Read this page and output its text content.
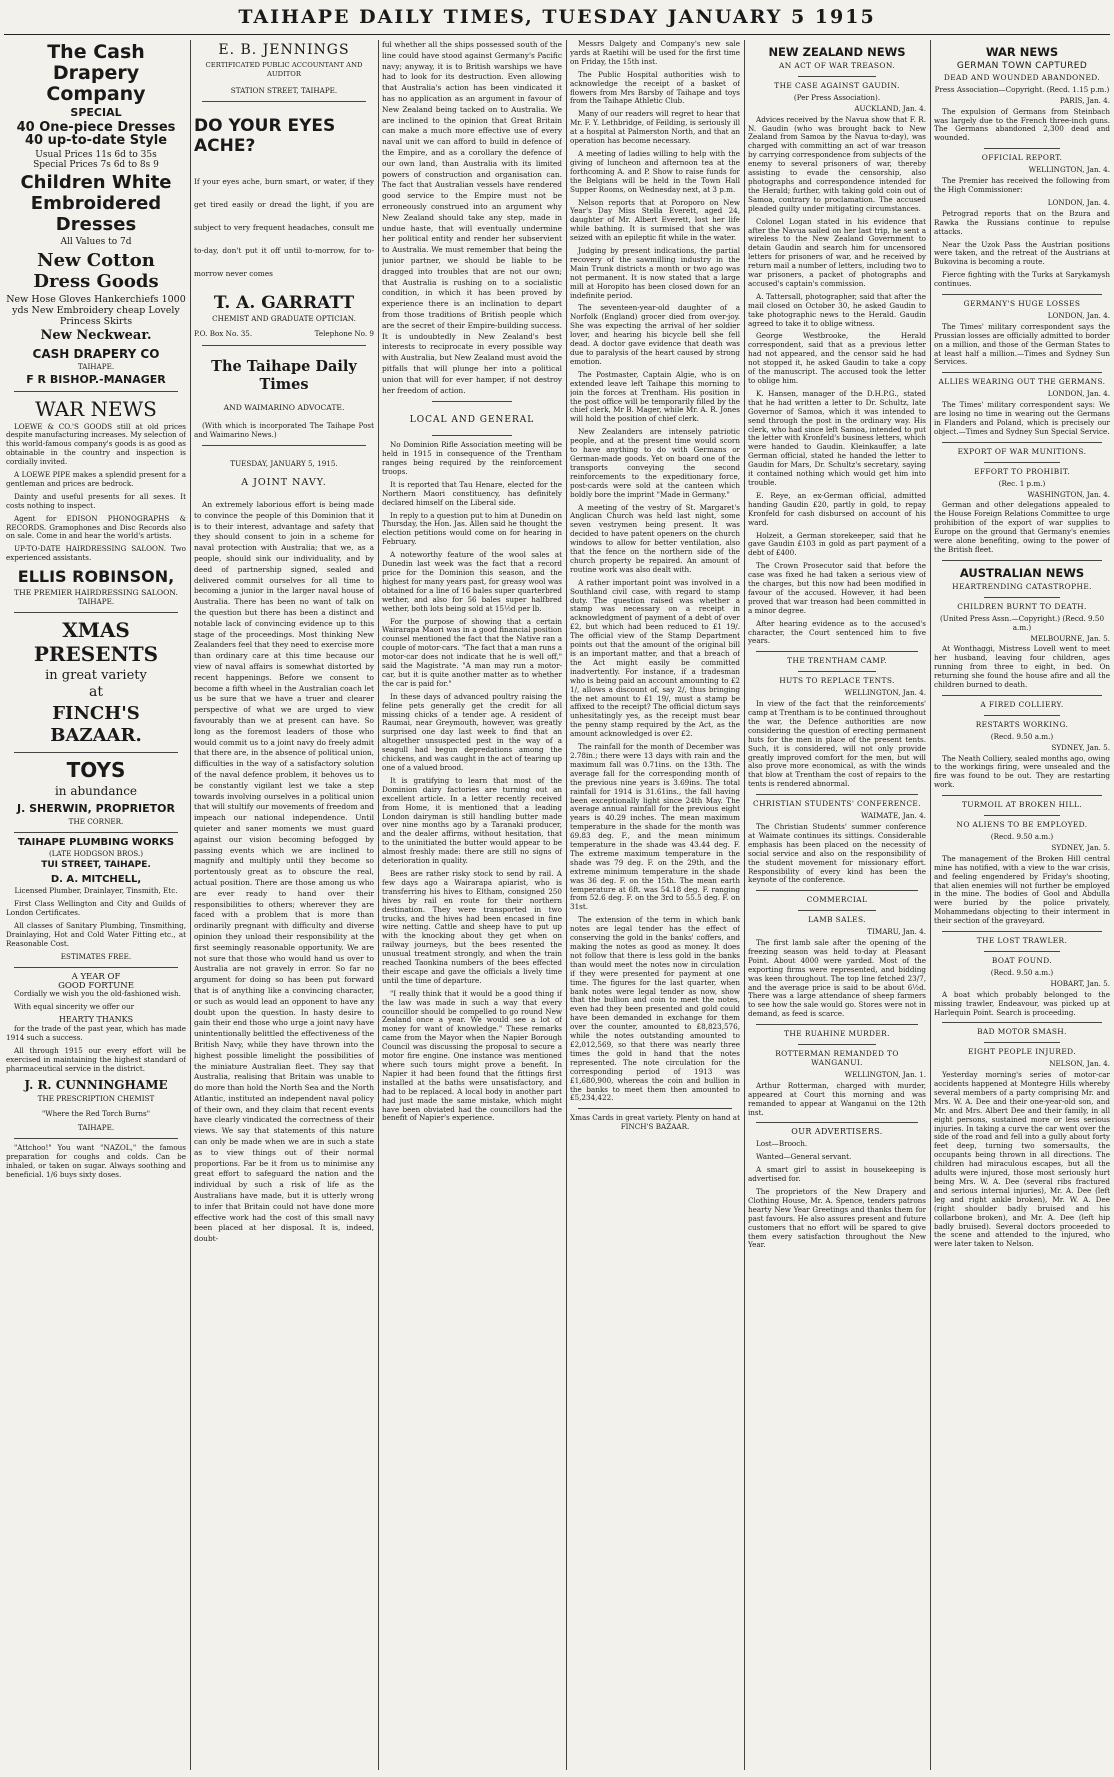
TAIHAPE DAILY TIMES, TUESDAY JANUARY 5 1915
The Cash Drapery Company
SPECIAL
40 One-piece Dresses 40 up-to-date Style
Usual Prices 11s 6d to 35s
Special Prices 7s 6d to 8s 9
Children White Embroidered Dresses
All Values to 7d
New Cotton Dress Goods
New Hose Gloves Hankerchiefs 1000 yds New Embroidery cheap Lovely Princess Skirts
New Neckwear.
CASH DRAPERY CO
TAIHAPE.
F R BISHOP.-MANAGER
WAR NEWS

LOEWE & CO.'S GOODS still at old prices despite manufacturing increases. My selection of this world-famous company's goods is as good as obtainable in the country and inspection is cordially invited.

A LOEWE PIPE makes a splendid present for a gentleman and prices are bedrock.

Dainty and useful presents for all sexes. It costs nothing to inspect.

Agent for EDISON PHONOGRAPHS & RECORDS. Gramophones and Disc Records also on sale. Come in and hear the world's artists.

UP-TO-DATE HAIRDRESSING SALOON. Two experienced assistants.

ELLIS ROBINSON,
THE PREMIER HAIRDRESSING SALOON.
TAIHAPE.
XMAS PRESENTS
in great variety
at
FINCH'S BAZAAR.
TOYS
in abundance
J. SHERWIN, PROPRIETOR
THE CORNER.
TAIHAPE PLUMBING WORKS
(LATE HODGSON BROS.)
TUI STREET, TAIHAPE.
D. A. MITCHELL,

Licensed Plumber, Drainlayer, Tinsmith, Etc.

First Class Wellington and City and Guilds of London Certificates.

All classes of Sanitary Plumbing, Tinsmithing, Drainlaying, Hot and Cold Water Fitting etc., at Reasonable Cost.

ESTIMATES FREE.
A YEAR OF
GOOD FORTUNE

Cordially we wish you the old-fashioned wish.

With equal sincerity we offer our

HEARTY THANKS

for the trade of the past year, which has made 1914 such a success.

All through 1915 our every effort will be exercised in maintaining the highest standard of pharmaceutical service in the district.

J. R. CUNNINGHAME
THE PRESCRIPTION CHEMIST
"Where the Red Torch Burns"
TAIHAPE.

"Attchoo!" You want "NAZOL," the famous preparation for coughs and colds. Can be inhaled, or taken on sugar. Always soothing and beneficial. 1/6 buys sixty doses.

E. B. JENNINGS
CERTIFICATED PUBLIC ACCOUNTANT AND AUDITOR
STATION STREET, TAIHAPE.
DO YOUR EYES ACHE?

If your eyes ache, burn smart, or water, if they get tired easily or dread the light, if you are subject to very frequent headaches, consult me to-day, don't put it off until to-morrow, for to-morrow never comes

T. A. GARRATT
CHEMIST AND GRADUATE OPTICIAN.
P.O. Box No. 35.	Telephone No. 9
The Taihape Daily Times
AND WAIMARINO ADVOCATE.

(With which is incorporated The Taihape Post and Waimarino News.)

TUESDAY, JANUARY 5, 1915.
A JOINT NAVY.

An extremely laborious effort is being made to convince the people of this Dominion that it is to their interest, advantage and safety that they should consent to join in a scheme for naval protection with Australia; that we, as a people, should sink our individuality, and by deed of partnership signed, sealed and delivered commit ourselves for all time to becoming a junior in the larger naval house of Australia. There has been no want of talk on the question but there has been a distinct and notable lack of convincing evidence up to this stage of the proceedings. Most thinking New Zealanders feel that they need to exercise more than ordinary care at this time because our view of naval affairs is somewhat distorted by recent happenings. Before we consent to become a fifth wheel in the Australian coach let us be sure that we have a truer and clearer perspective of what we are urged to view favourably than we at present can have. So long as the foremost leaders of those who would commit us to a joint navy do freely admit that there are, in the absence of political union, difficulties in the way of a satisfactory solution of the naval defence problem, it behoves us to be constantly vigilant lest we take a step towards involving ourselves in a political union that will stultify our movements of freedom and impeach our national independence. Until quieter and saner moments we must guard against our vision becoming befogged by passing events which we are inclined to magnify and multiply until they become so portentously great as to obscure the real, actual position. There are those among us who are ever ready to hand over their responsibilities to others; wherever they are faced with a problem that is more than ordinarily pregnant with difficulty and diverse opinion they unload their responsibility at the first seemingly reasonable opportunity. We are not sure that those who would hand us over to Australia are not gravely in error. So far no argument for doing so has been put forward that is of anything like a convincing character, or such as would lead an opponent to have any doubt upon the question. In hasty desire to gain their end those who urge a joint navy have unintentionally belittled the effectiveness of the British Navy, while they have thrown into the highest possible limelight the possibilities of the miniature Australian fleet. They say that Australia, realising that Britain was unable to do more than hold the North Sea and the North Atlantic, instituted an independent naval policy of their own, and they claim that recent events have clearly vindicated the correctness of their views. We say that statements of this nature can only be made when we are in such a state as to view things out of their normal proportions. Far be it from us to minimise any great effort to safeguard the nation and the individual by such a risk of life as the Australians have made, but it is utterly wrong to infer that Britain could not have done more effective work had the cost of this small navy been placed at her disposal. It is, indeed, doubt-

ful whether all the ships possessed south of the line could have stood against Germany's Pacific navy; anyway, it is to British warships we have had to look for its destruction. Even allowing that Australia's action has been vindicated it has no application as an argument in favour of New Zealand being tacked on to Australia. We are inclined to the opinion that Great Britain can make a much more effective use of every naval unit we can afford to build in defence of the Empire, and as a corollary the defence of our own land, than Australia with its limited powers of construction and organisation can. The fact that Australian vessels have rendered good service to the Empire must not be erroneously construed into an argument why New Zealand should take any step, made in undue haste, that will eventually undermine her political entity and render her subservient to Australia. We must remember that being the junior partner, we should be liable to be dragged into troubles that are not our own; that Australia is rushing on to a socialistic condition, in which it has been proved by experience there is an inclination to depart from those traditions of British people which are the secret of their Empire-building success. It is undoubtedly in New Zealand's best interests to reciprocate in every possible way with Australia, but New Zealand must avoid the pitfalls that will plunge her into a political union that will for ever hamper, if not destroy her freedom of action.

LOCAL AND GENERAL

No Dominion Rifle Association meeting will be held in 1915 in consequence of the Trentham ranges being required by the reinforcement troops.

It is reported that Tau Henare, elected for the Northern Maori constituency, has definitely declared himself on the Liberal side.

In reply to a question put to him at Dunedin on Thursday, the Hon. Jas. Allen said he thought the election petitions would come on for hearing in February.

A noteworthy feature of the wool sales at Dunedin last week was the fact that a record price for the Dominion this season, and the highest for many years past, for greasy wool was obtained for a line of 16 bales super quarterbred wether, and also for 56 bales super halfbred wether, both lots being sold at 15½d per lb.

For the purpose of showing that a certain Wairarapa Maori was in a good financial position counsel mentioned the fact that the Native ran a couple of motor-cars. "The fact that a man runs a motor-car does not indicate that he is well off," said the Magistrate. "A man may run a motor-car, but it is quite another matter as to whether the car is paid for."

In these days of advanced poultry raising the feline pets generally get the credit for all missing chicks of a tender age. A resident of Raumai, near Greymouth, however, was greatly surprised one day last week to find that an altogether unsuspected pest in the way of a seagull had begun depredations among the chickens, and was caught in the act of tearing up one of a valued brood.

It is gratifying to learn that most of the Dominion dairy factories are turning out an excellent article. In a letter recently received from Home, it is mentioned that a leading London dairyman is still handling butter made over nine months ago by a Taranaki producer, and the dealer affirms, without hesitation, that to the uninitiated the butter would appear to be almost freshly made: there are still no signs of deterioration in quality.

Bees are rather risky stock to send by rail. A few days ago a Wairarapa apiarist, who is transferring his hives to Eltham, consigned 250 hives by rail en route for their northern destination. They were transported in two trucks, and the hives had been encased in fine wire netting. Cattle and sheep have to put up with the knocking about they get when on railway journeys, but the bees resented the unusual treatment strongly, and when the train reached Taonkina numbers of the bees effected their escape and gave the officials a lively time until the time of departure.

"I really think that it would be a good thing if the law was made in such a way that every councillor should be compelled to go round New Zealand once a year. We would see a lot of money for want of knowledge." These remarks came from the Mayor when the Napier Borough Council was discussing the proposal to secure a motor fire engine. One instance was mentioned where such tours might prove a benefit. In Napier it had been found that the fittings first installed at the baths were unsatisfactory, and had to be replaced. A local body in another part had just made the same mistake, which might have been obviated had the councillors had the benefit of Napier's experience.

Messrs Dalgety and Company's new sale yards at Raetihi will be used for the first time on Friday, the 15th inst.

The Public Hospital authorities wish to acknowledge the receipt of a basket of flowers from Mrs Barsby of Taihape and toys from the Taihape Athletic Club.

Many of our readers will regret to hear that Mr. F. Y. Lethbridge, of Feilding, is seriously ill at a hospital at Palmerston North, and that an operation has become necessary.

A meeting of ladies willing to help with the giving of luncheon and afternoon tea at the forthcoming A. and P. Show to raise funds for the Belgians will be held in the Town Hall Supper Rooms, on Wednesday next, at 3 p.m.

Nelson reports that at Poroporo on New Year's Day Miss Stella Everett, aged 24, daughter of Mr. Albert Everett, lost her life while bathing. It is surmised that she was seized with an epileptic fit while in the water.

Judging by present indications, the partial recovery of the sawmilling industry in the Main Trunk districts a month or two ago was not permanent. It is now stated that a large mill at Horopito has been closed down for an indefinite period.

The seventeen-year-old daughter of a Norfolk (England) grocer died from over-joy. She was expecting the arrival of her soldier lover, and hearing his bicycle bell she fell dead. A doctor gave evidence that death was due to paralysis of the heart caused by strong emotion.

The Postmaster, Captain Algie, who is on extended leave left Taihape this morning to join the forces at Trentham. His position in the post office will be temporarily filled by the chief clerk, Mr B. Mager, while Mr. A. R. Jones will hold the position of chief clerk.

New Zealanders are intensely patriotic people, and at the present time would scorn to have anything to do with Germans or German-made goods. Yet on board one of the transports conveying the second reinforcements to the expeditionary force, post-cards were sold at the canteen which boldly bore the imprint "Made in Germany."

A meeting of the vestry of St. Margaret's Anglican Church was held last night, some seven vestrymen being present. It was decided to have patent openers on the church windows to allow for better ventilation, also that the fence on the northern side of the church property be repaired. An amount of routine work was also dealt with.

A rather important point was involved in a Southland civil case, with regard to stamp duty. The question raised was whether a stamp was necessary on a receipt in acknowledgment of payment of a debt of over £2, but which had been reduced to £1 19/. The official view of the Stamp Department points out that the amount of the original bill is an important matter, and that a breach of the Act might easily be committed inadvertently. For instance, if a tradesman who is being paid an account amounting to £2 1/, allows a discount of, say 2/, thus bringing the net amount to £1 19/, must a stamp be affixed to the receipt? The official dictum says unhesitatingly yes, as the receipt must bear the penny stamp required by the Act, as the amount acknowledged is over £2.

The rainfall for the month of December was 2.78in.; there were 13 days with rain and the maximum fall was 0.71ins. on the 13th. The average fall for the corresponding month of the previous nine years is 3.69ins. The total rainfall for 1914 is 31.61ins., the fall having been exceptionally light since 24th May. The average annual rainfall for the previous eight years is 40.29 inches. The mean maximum temperature in the shade for the month was 69.83 deg. F., and the mean minimum temperature in the shade was 43.44 deg. F. The extreme maximum temperature in the shade was 79 deg. F. on the 29th, and the extreme minimum temperature in the shade was 36 deg. F. on the 15th. The mean earth temperature at 6ft. was 54.18 deg. F. ranging from 52.6 deg. F. on the 3rd to 55.5 deg. F. on 31st.

The extension of the term in which bank notes are legal tender has the effect of conserving the gold in the banks' coffers, and making the notes as good as money. It does not follow that there is less gold in the banks than would meet the notes now in circulation if they were presented for payment at one time. The figures for the last quarter, when bank notes were legal tender as now, show that the bullion and coin to meet the notes, even had they been presented and gold could have been demanded in exchange for them over the counter, amounted to £8,823,576, while the notes outstanding amounted to £2,012,569, so that there was nearly three times the gold in hand that the notes represented. The note circulation for the corresponding period of 1913 was £1,680,900, whereas the coin and bullion in the banks to meet them then amounted to £5,234,422.

Xmas Cards in great variety. Plenty on hand at FINCH'S BAZAAR.

NEW ZEALAND NEWS
AN ACT OF WAR TREASON.
THE CASE AGAINST GAUDIN.
(Per Press Association).
AUCKLAND, Jan. 4.

Advices received by the Navua show that F. R. N. Gaudin (who was brought back to New Zealand from Samoa by the Navua to-day), was charged with committing an act of war treason by carrying correspondence from subjects of the enemy to several prisoners of war, thereby assisting to evade the censorship, also photographs and correspondence intended for the Herald; further, with taking gold coin out of Samoa, contrary to proclamation. The accused pleaded guilty under mitigating circumstances.

Colonel Logan stated in his evidence that after the Navua sailed on her last trip, he sent a wireless to the New Zealand Government to detain Gaudin and search him for uncensored letters for prisoners of war, and he received by return mail a number of letters, including two to war prisoners, a packet of photographs and accused's captain's commission.

A. Tattersall, photographer, said that after the mail closed on October 30, he asked Gaudin to take photographic news to the Herald. Gaudin agreed to take it to oblige witness.

George Westbrooke, the Herald correspondent, said that as a previous letter had not appeared, and the censor said he had not stopped it, he asked Gaudin to take a copy of the manuscript. The accused took the letter to oblige him.

K. Hansen, manager of the D.H.P.G., stated that he had written a letter to Dr. Schultz, late Governor of Samoa, which it was intended to send through the post in the ordinary way. His clerk, who had since left Samoa, intended to put the letter with Kronfeld's business letters, which were handed to Gaudin. Kleinkauffer, a late German official, stated he handed the letter to Gaudin for Mars, Dr. Schultz's secretary, saying it contained nothing which would get him into trouble.

E. Reye, an ex-German official, admitted handing Gaudin £20, partly in gold, to repay Kronfeld for cash disbursed on account of his ward.

Holzeit, a German storekeeper, said that he gave Gaudin £103 in gold as part payment of a debt of £400.

The Crown Prosecutor said that before the case was fixed he had taken a serious view of the charges, but this now had been modified in favour of the accused. However, it had been proved that war treason had been committed in a minor degree.

After hearing evidence as to the accused's character, the Court sentenced him to five years.

THE TRENTHAM CAMP.
HUTS TO REPLACE TENTS.
WELLINGTON, Jan. 4.

In view of the fact that the reinforcements' camp at Trentham is to be continued throughout the war, the Defence authorities are now considering the question of erecting permanent huts for the men in place of the present tents. Such, it is considered, will not only provide greatly improved comfort for the men, but will also prove more economical, as with the winds that blow at Trentham the cost of repairs to the tents is rendered abnormal.

CHRISTIAN STUDENTS' CONFERENCE.
WAIMATE, Jan. 4.

The Christian Students' summer conference at Waimate continues its sittings. Considerable emphasis has been placed on the necessity of social service and also on the responsibility of the student movement for missionary effort. Responsibility of every kind has been the keynote of the conference.

COMMERCIAL
LAMB SALES.
TIMARU, Jan. 4.

The first lamb sale after the opening of the freezing season was held to-day at Pleasant Point. About 4000 were yarded. Most of the exporting firms were represented, and bidding was keen throughout. The top line fetched 23/7, and the average price is said to be about 6½d. There was a large attendance of sheep farmers to see how the sale would go. Stores were not in demand, as feed is scarce.

THE RUAHINE MURDER.
ROTTERMAN REMANDED TO WANGANUI.
WELLINGTON, Jan. 1.

Arthur Rotterman, charged with murder, appeared at Court this morning and was remanded to appear at Wanganui on the 12th inst.

OUR ADVERTISERS.

Lost—Brooch.

Wanted—General servant.

A smart girl to assist in housekeeping is advertised for.

The proprietors of the New Drapery and Clothing House, Mr. A. Spence, tenders patrons hearty New Year Greetings and thanks them for past favours. He also assures present and future customers that no effort will be spared to give them every satisfaction throughout the New Year.

WAR NEWS
GERMAN TOWN CAPTURED
DEAD AND WOUNDED ABANDONED.
Press Association—Copyright. (Recd. 1.15 p.m.)
PARIS, Jan. 4.

The expulsion of Germans from Steinbach was largely due to the French three-inch guns. The Germans abandoned 2,300 dead and wounded.

OFFICIAL REPORT.
WELLINGTON, Jan. 4.

The Premier has received the following from the High Commissioner:

LONDON, Jan. 4.

Petrograd reports that on the Bzura and Rawka the Russians continue to repulse attacks.

Near the Uzok Pass the Austrian positions were taken, and the retreat of the Austrians at Bukovina is becoming a route.

Fierce fighting with the Turks at Sarykamysh continues.

GERMANY'S HUGE LOSSES
LONDON, Jan. 4.

The Times' military correspondent says the Prussian losses are officially admitted to border on a million, and those of the German States to at least half a million.—Times and Sydney Sun Services.

ALLIES WEARING OUT THE GERMANS.
LONDON, Jan. 4.

The Times' military correspondent says: We are losing no time in wearing out the Germans in Flanders and Poland, which is precisely our object.—Times and Sydney Sun Special Service.

EXPORT OF WAR MUNITIONS.
EFFORT TO PROHIBIT.
(Rec. 1 p.m.)
WASHINGTON, Jan. 4.

German and other delegations appealed to the House Foreign Relations Committee to urge prohibition of the export of war supplies to Europe on the ground that Germany's enemies were alone benefiting, owing to the power of the British fleet.

AUSTRALIAN NEWS
HEARTRENDING CATASTROPHE.
CHILDREN BURNT TO DEATH.
(United Press Assn.—Copyright.) (Recd. 9.50 a.m.)
MELBOURNE, Jan. 5.

At Wonthaggi, Mistress Lovell went to meet her husband, leaving four children, ages running from three to eight, in bed. On returning she found the house afire and all the children burned to death.

A FIRED COLLIERY.
RESTARTS WORKING.
(Recd. 9.50 a.m.)
SYDNEY, Jan. 5.

The Neath Colliery, sealed months ago, owing to the workings firing, were unsealed and the fire was found to be out. They are restarting work.

TURMOIL AT BROKEN HILL.
NO ALIENS TO BE EMPLOYED.
(Recd. 9.50 a.m.)
SYDNEY, Jan. 5.

The management of the Broken Hill central mine has notified, with a view to the war crisis, and feeling engendered by Friday's shooting, that alien enemies will not further be employed in the mine. The bodies of Gool and Abdulla were buried by the police privately, Mohammedans objecting to their interment in their section of the graveyard.

THE LOST TRAWLER.
BOAT FOUND.
(Recd. 9.50 a.m.)
HOBART, Jan. 5.

A boat which probably belonged to the missing trawler, Endeavour, was picked up at Harlequin Point. Search is proceeding.

BAD MOTOR SMASH.
EIGHT PEOPLE INJURED.
NELSON, Jan. 4.

Yesterday morning's series of motor-car accidents happened at Montegre Hills whereby several members of a party comprising Mr. and Mrs. W. A. Dee and their one-year-old son, and Mr. and Mrs. Albert Dee and their family, in all eight persons, sustained more or less serious injuries. In taking a curve the car went over the side of the road and fell into a gully about forty feet deep, turning two somersaults, the occupants being thrown in all directions. The children had miraculous escapes, but all the adults were injured, those most seriously hurt being Mrs. W. A. Dee (several ribs fractured and serious internal injuries), Mr. A. Dee (left leg and right ankle broken), Mr. W. A. Dee (right shoulder badly bruised and his collarbone broken), and Mr. A. Dee (left hip badly bruised). Several doctors proceeded to the scene and attended to the injured, who were later taken to Nelson.
